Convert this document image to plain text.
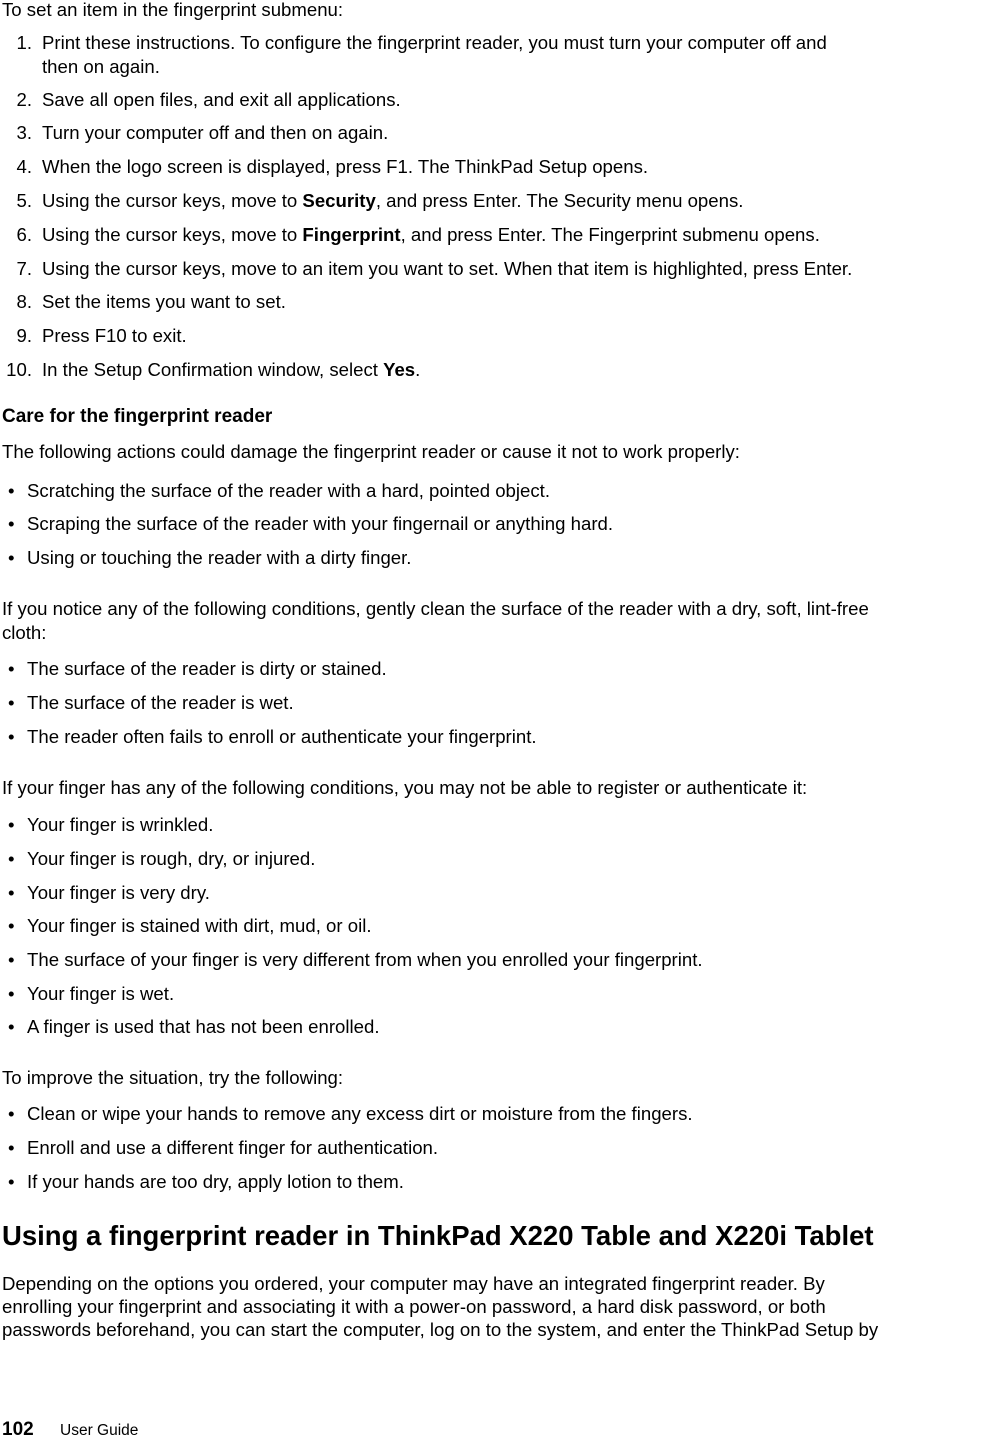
To set an item in the fingerprint submenu:

1. Print these instructions. To configure the fingerprint reader, you must turn your computer off and
then on again.
2. Save all open files, and exit all applications.
3. Turn your computer off and then on again.
4. When the logo screen is displayed, press F1. The ThinkPad Setup opens.
5. Using the cursor keys, move to Security, and press Enter. The Security menu opens.
6. Using the cursor keys, move to Fingerprint, and press Enter. The Fingerprint submenu opens.
7. Using the cursor keys, move to an item you want to set. When that item is highlighted, press Enter.
8. Set the items you want to set.
9. Press F10 to exit.
10. In the Setup Confirmation window, select Yes.
Care for the fingerprint reader

The following actions could damage the fingerprint reader or cause it not to work properly:

• Scratching the surface of the reader with a hard, pointed object.
• Scraping the surface of the reader with your fingernail or anything hard.
• Using or touching the reader with a dirty finger.

If you notice any of the following conditions, gently clean the surface of the reader with a dry, soft, lint-free

cloth:

• The surface of the reader is dirty or stained.
• The surface of the reader is wet.
• The reader often fails to enroll or authenticate your fingerprint.

If your finger has any of the following conditions, you may not be able to register or authenticate it:

• Your finger is wrinkled.
• Your finger is rough, dry, or injured.
• Your finger is very dry.
• Your finger is stained with dirt, mud, or oil.
• The surface of your finger is very different from when you enrolled your fingerprint.
• Your finger is wet.
• A finger is used that has not been enrolled.

To improve the situation, try the following:

• Clean or wipe your hands to remove any excess dirt or moisture from the fingers.
• Enroll and use a different finger for authentication.
• If your hands are too dry, apply lotion to them.
Using a fingerprint reader in ThinkPad X220 Table and X220i Tablet

Depending on the options you ordered, your computer may have an integrated fingerprint reader. By

enrolling your fingerprint and associating it with a power-on password, a hard disk password, or both

passwords beforehand, you can start the computer, log on to the system, and enter the ThinkPad Setup by

102 User Guide
